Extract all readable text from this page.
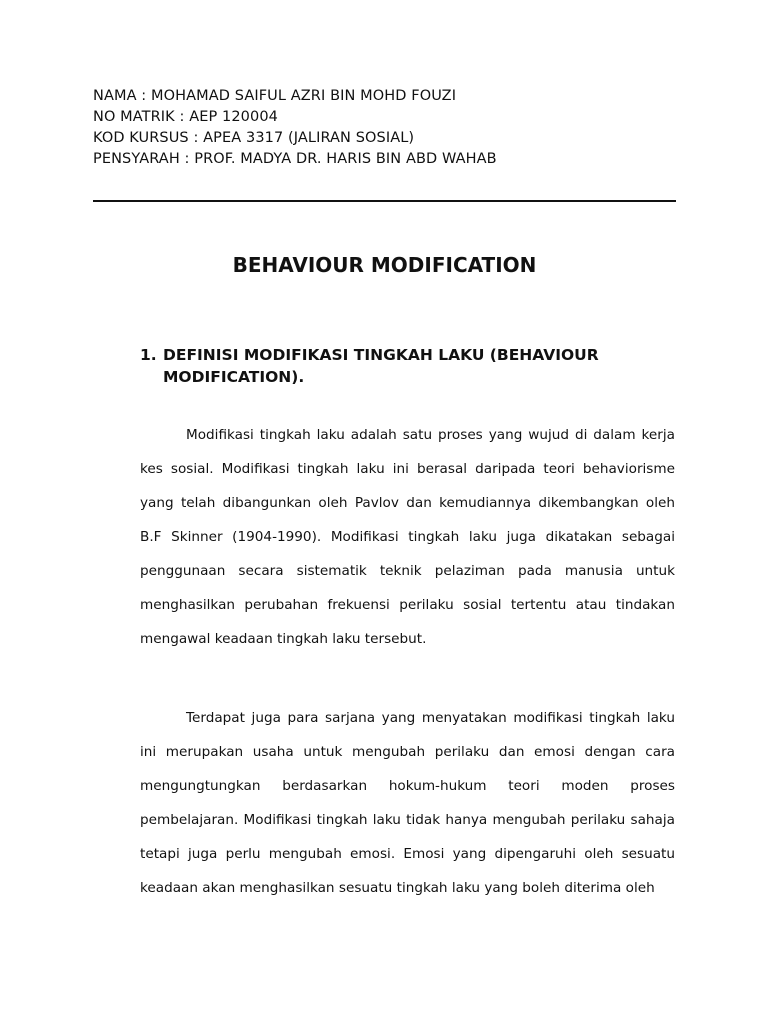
NAMA : MOHAMAD SAIFUL AZRI BIN MOHD FOUZI
NO MATRIK : AEP 120004
KOD KURSUS : APEA 3317 (JALIRAN SOSIAL)
PENSYARAH : PROF. MADYA DR. HARIS BIN ABD WAHAB
BEHAVIOUR MODIFICATION
1. DEFINISI MODIFIKASI TINGKAH LAKU (BEHAVIOUR MODIFICATION).

Modifikasi tingkah laku adalah satu proses yang wujud di dalam kerja kes sosial. Modifikasi tingkah laku ini berasal daripada teori behaviorisme yang telah dibangunkan oleh Pavlov dan kemudiannya dikembangkan oleh B.F Skinner (1904-1990). Modifikasi tingkah laku juga dikatakan sebagai penggunaan secara sistematik teknik pelaziman pada manusia untuk menghasilkan perubahan frekuensi perilaku sosial tertentu atau tindakan mengawal keadaan tingkah laku tersebut.

Terdapat juga para sarjana yang menyatakan modifikasi tingkah laku ini merupakan usaha untuk mengubah perilaku dan emosi dengan cara mengungtungkan berdasarkan hokum-hukum teori moden proses pembelajaran. Modifikasi tingkah laku tidak hanya mengubah perilaku sahaja tetapi juga perlu mengubah emosi. Emosi yang dipengaruhi oleh sesuatu keadaan akan menghasilkan sesuatu tingkah laku yang boleh diterima oleh
